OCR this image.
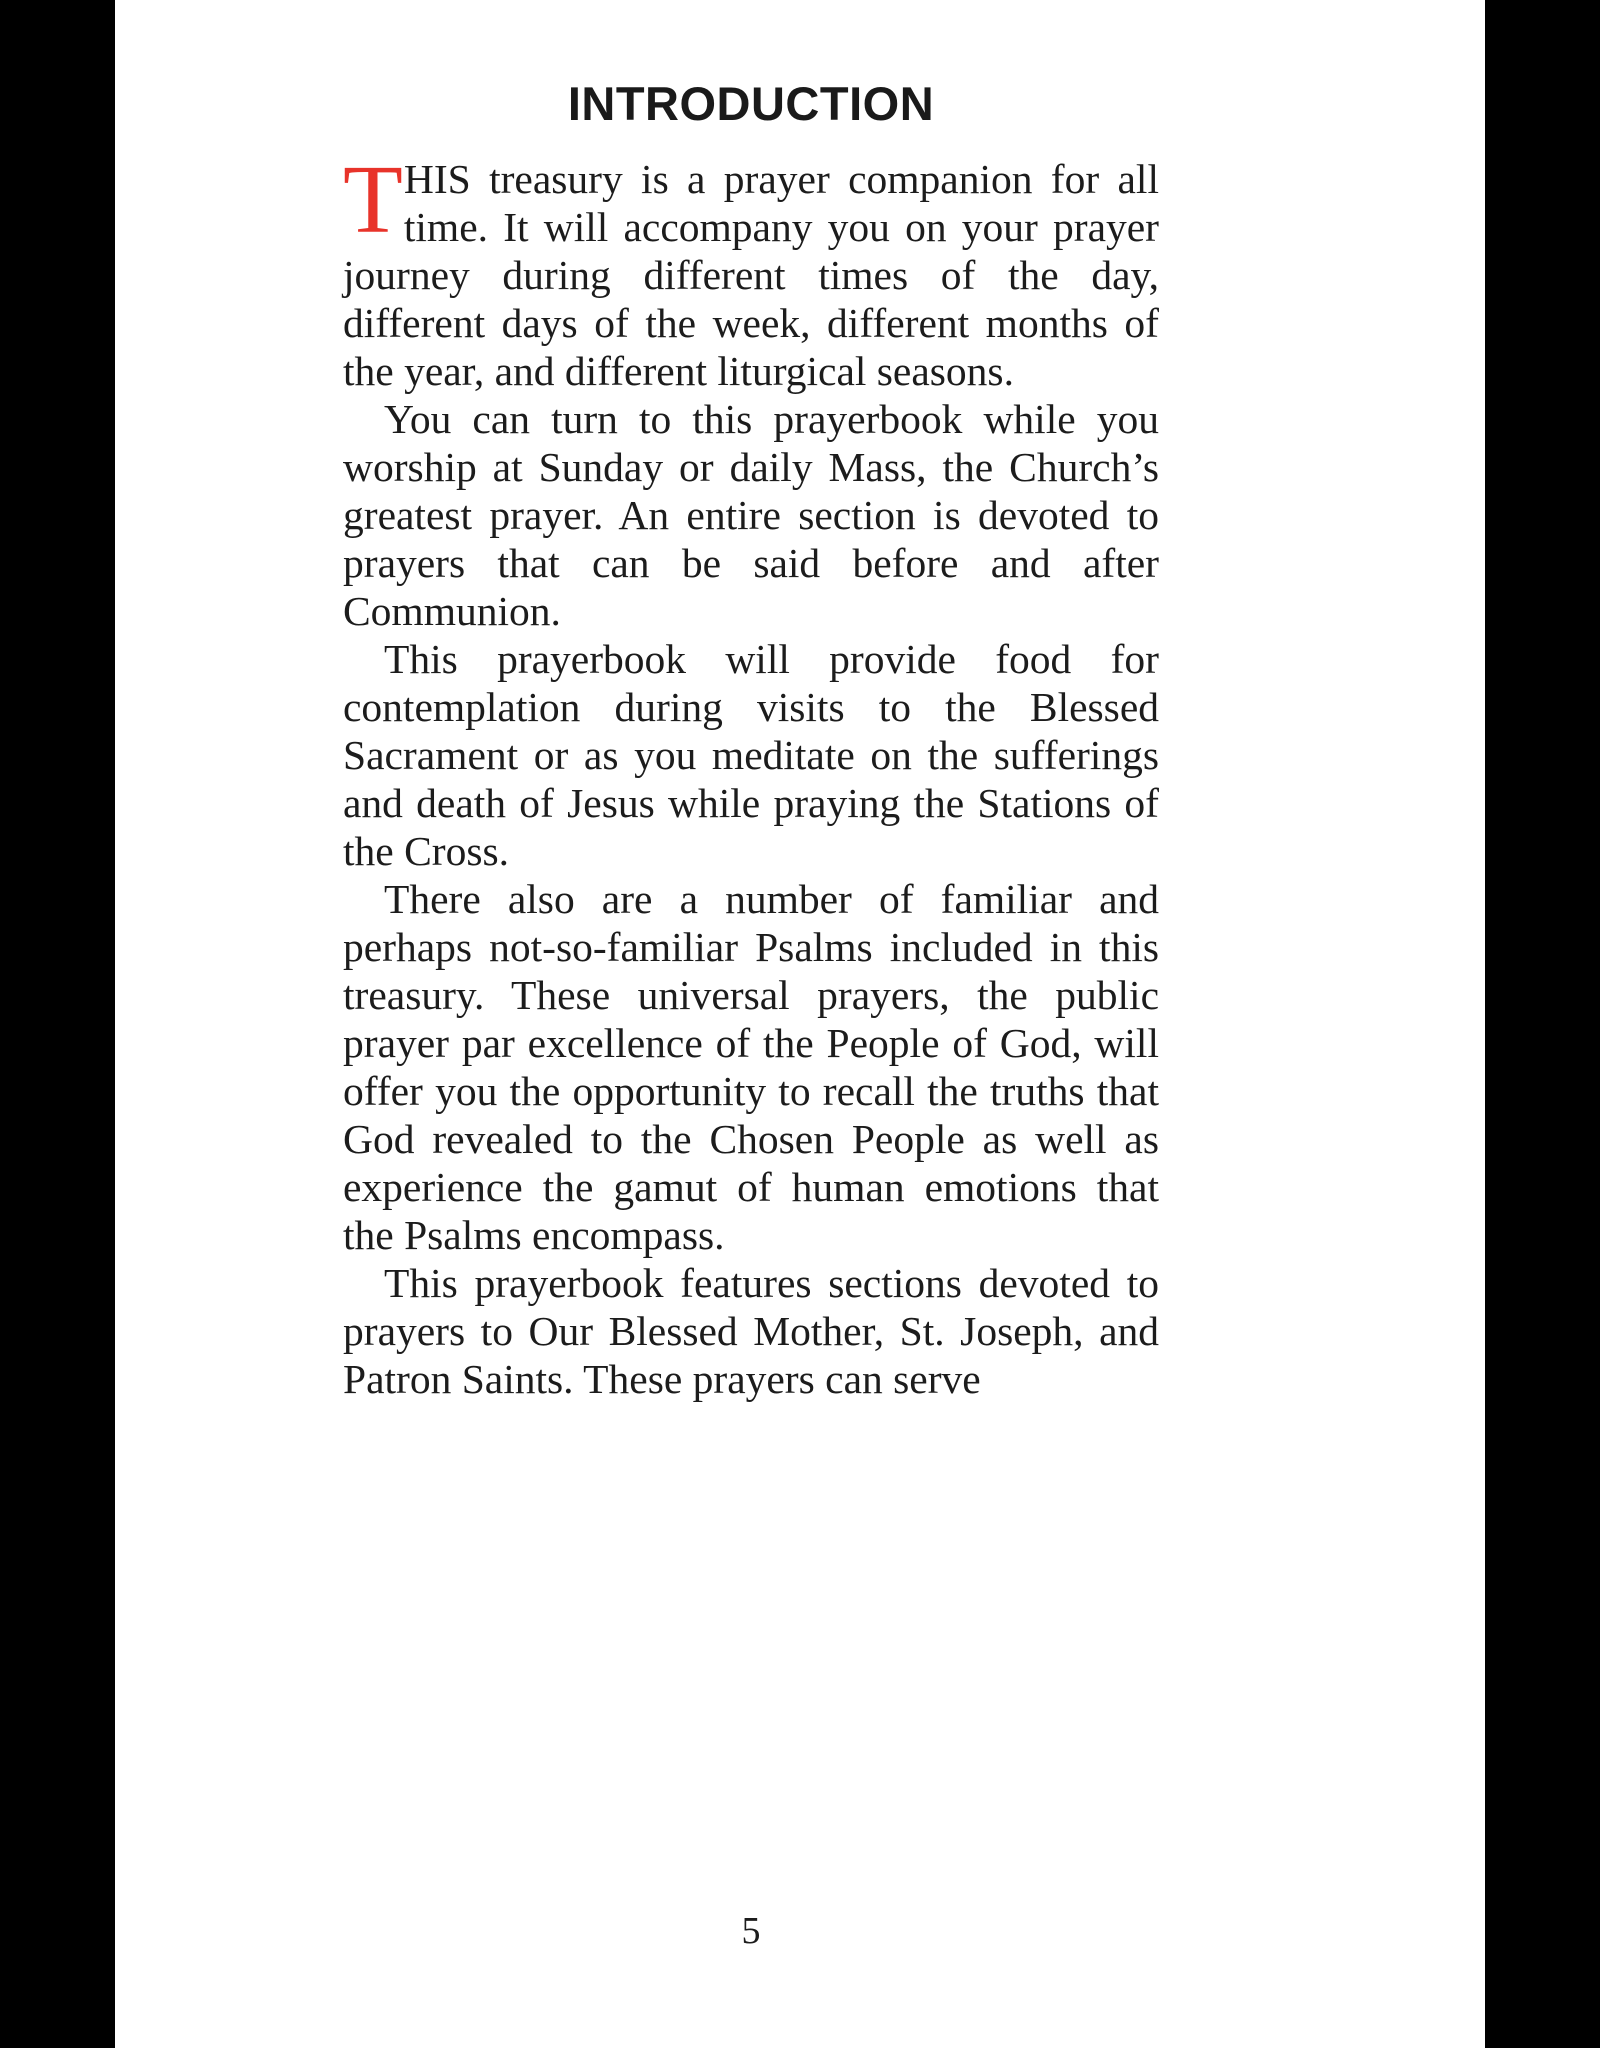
INTRODUCTION

THIS treasury is a prayer companion for all time. It will accompany you on your prayer journey during different times of the day, different days of the week, different months of the year, and different liturgical seasons.

You can turn to this prayerbook while you worship at Sunday or daily Mass, the Church’s greatest prayer. An entire section is devoted to prayers that can be said before and after Communion.

This prayerbook will provide food for contemplation during visits to the Blessed Sacrament or as you meditate on the sufferings and death of Jesus while praying the Stations of the Cross.

There also are a number of familiar and perhaps not-so-familiar Psalms included in this treasury. These universal prayers, the public prayer par excellence of the People of God, will offer you the opportunity to recall the truths that God revealed to the Chosen People as well as experience the gamut of human emotions that the Psalms encompass.

This prayerbook features sections devoted to prayers to Our Blessed Mother, St. Joseph, and Patron Saints. These prayers can serve

5
